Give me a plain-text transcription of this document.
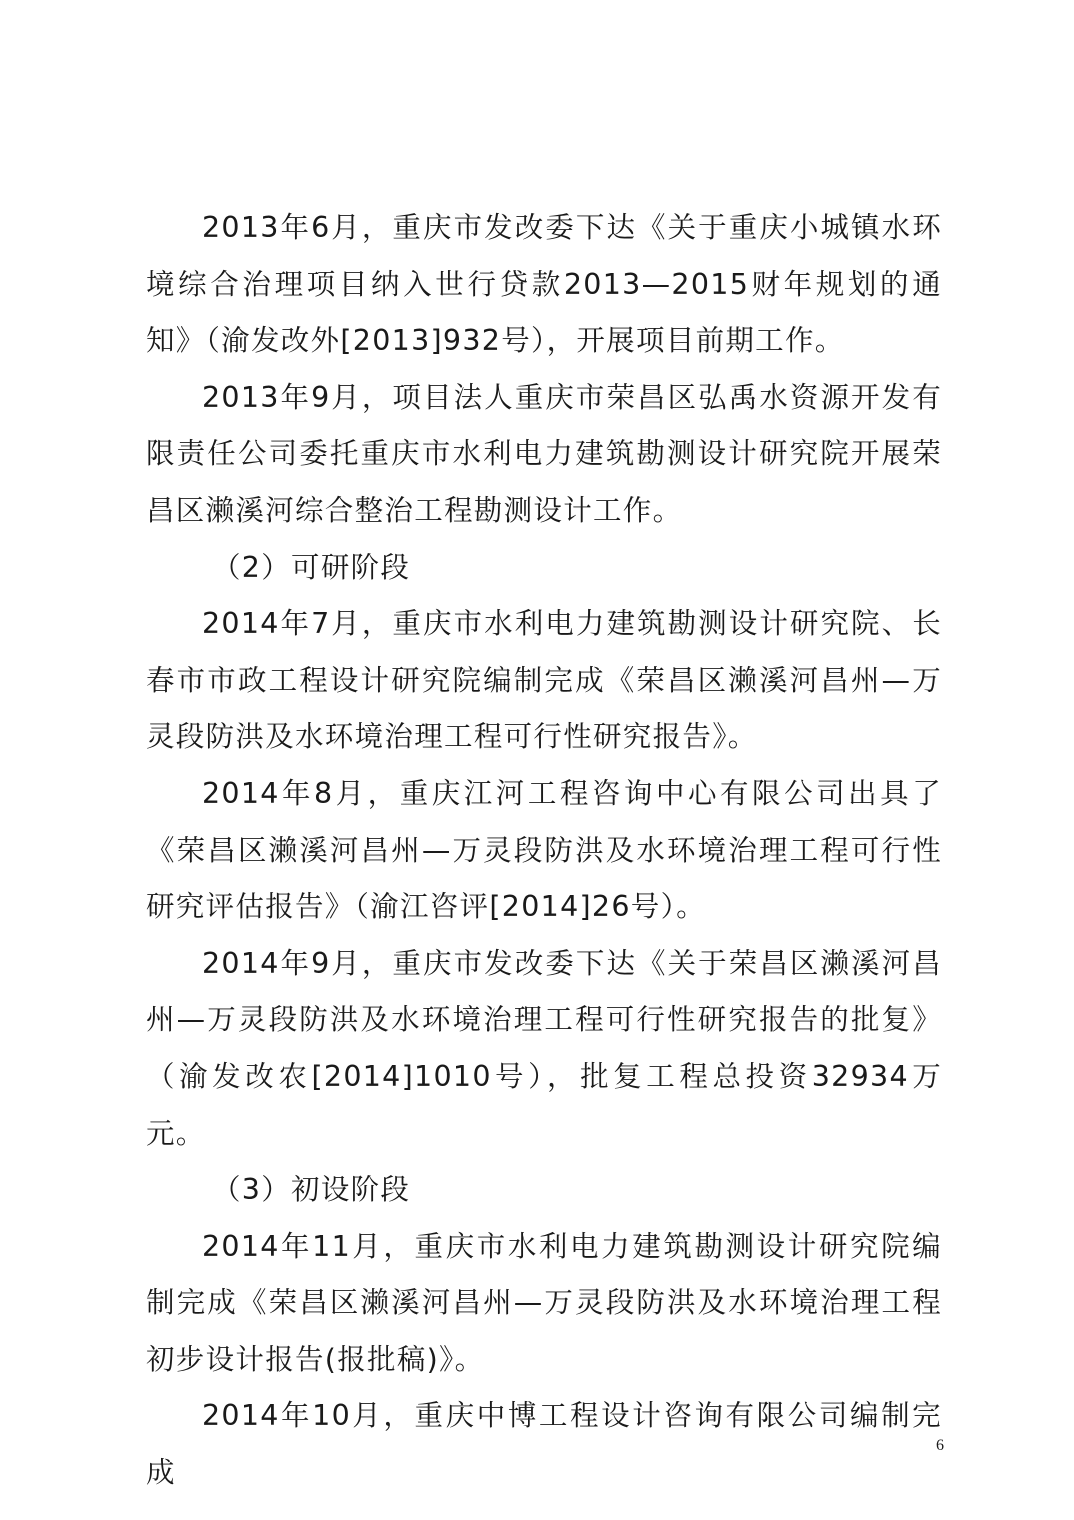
2013年6月，重庆市发改委下达《关于重庆小城镇水环境综合治理项目纳入世行贷款2013—2015财年规划的通知》（渝发改外[2013]932号），开展项目前期工作。

2013年9月，项目法人重庆市荣昌区弘禹水资源开发有限责任公司委托重庆市水利电力建筑勘测设计研究院开展荣昌区濑溪河综合整治工程勘测设计工作。

（2）可研阶段

2014年7月，重庆市水利电力建筑勘测设计研究院、长春市市政工程设计研究院编制完成《荣昌区濑溪河昌州—万灵段防洪及水环境治理工程可行性研究报告》。

2014年8月，重庆江河工程咨询中心有限公司出具了《荣昌区濑溪河昌州—万灵段防洪及水环境治理工程可行性研究评估报告》（渝江咨评[2014]26号）。

2014年9月，重庆市发改委下达《关于荣昌区濑溪河昌州—万灵段防洪及水环境治理工程可行性研究报告的批复》（渝发改农[2014]1010号），批复工程总投资32934万元。

（3）初设阶段

2014年11月，重庆市水利电力建筑勘测设计研究院编制完成《荣昌区濑溪河昌州—万灵段防洪及水环境治理工程初步设计报告(报批稿)》。

2014年10月，重庆中博工程设计咨询有限公司编制完成

6
